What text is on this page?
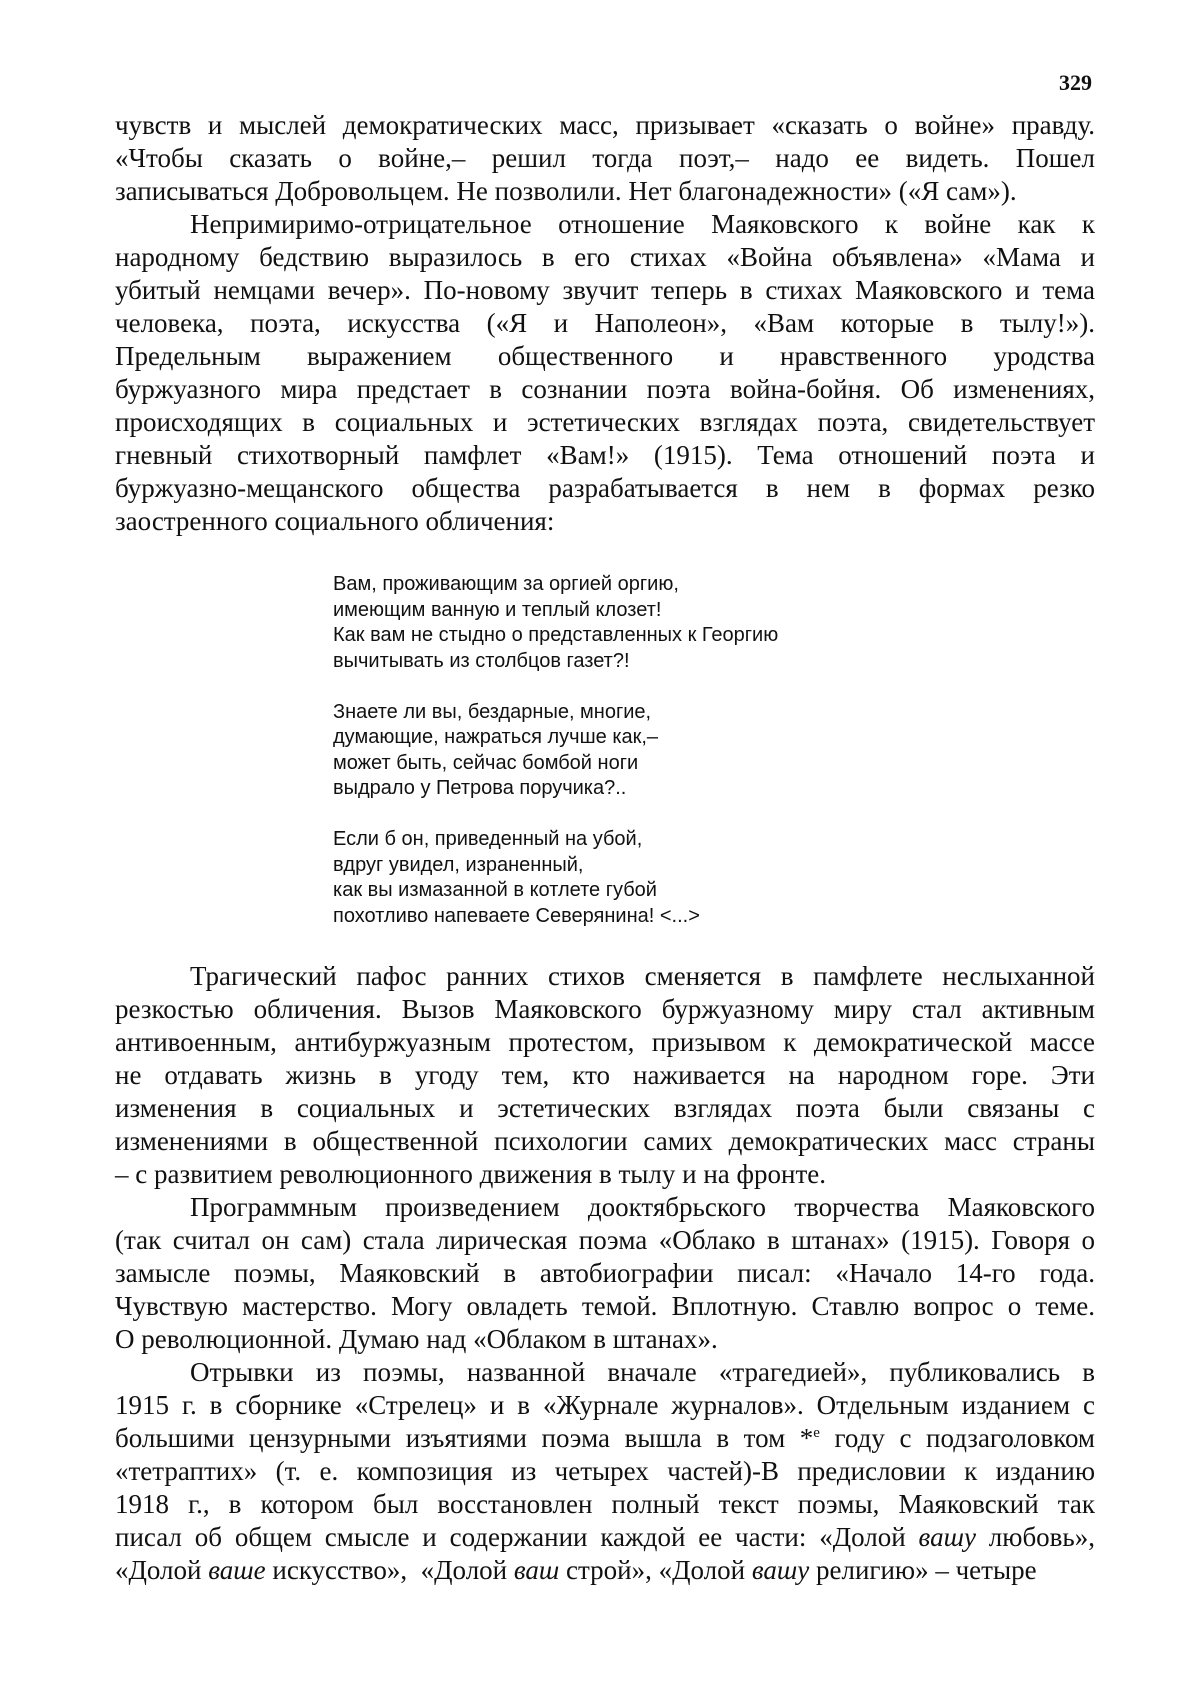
329

чувств и мыслей демократических масс, призывает «сказать о войне» правду.
«Чтобы сказать о войне,– решил тогда поэт,– надо ее видеть. Пошел
записываться Добровольцем. Не позволили. Нет благонадежности» («Я сам»).

Непримиримо-отрицательное отношение Маяковского к войне как к
народному бедствию выразилось в его стихах «Война объявлена» «Мама и
убитый немцами вечер». По-новому звучит теперь в стихах Маяковского и тема
человека, поэта, искусства («Я и Наполеон», «Вам которые в тылу!»).
Предельным выражением общественного и нравственного уродства
буржуазного мира предстает в сознании поэта война-бойня. Об изменениях,
происходящих в социальных и эстетических взглядах поэта, свидетельствует
гневный стихотворный памфлет «Вам!» (1915). Тема отношений поэта и
буржуазно-мещанского общества разрабатывается в нем в формах резко
заостренного социального обличения:

Вам, проживающим за оргией оргию,
имеющим ванную и теплый клозет!
Как вам не стыдно о представленных к Георгию
вычитывать из столбцов газет?!
Знаете ли вы, бездарные, многие,
думающие, нажраться лучше как,–
может быть, сейчас бомбой ноги
выдрало у Петрова поручика?..
Если б он, приведенный на убой,
вдруг увидел, израненный,
как вы измазанной в котлете губой
похотливо напеваете Северянина! <...>

Трагический пафос ранних стихов сменяется в памфлете неслыханной
резкостью обличения. Вызов Маяковского буржуазному миру стал активным
антивоенным, антибуржуазным протестом, призывом к демократической массе
не отдавать жизнь в угоду тем, кто наживается на народном горе. Эти
изменения в социальных и эстетических взглядах поэта были связаны с
изменениями в общественной психологии самих демократических масс страны
– с развитием революционного движения в тылу и на фронте.

Программным произведением дооктябрьского творчества Маяковского
(так считал он сам) стала лирическая поэма «Облако в штанах» (1915). Говоря о
замысле поэмы, Маяковский в автобиографии писал: «Начало 14-го года.
Чувствую мастерство. Могу овладеть темой. Вплотную. Ставлю вопрос о теме.
О революционной. Думаю над «Облаком в штанах».

Отрывки из поэмы, названной вначале «трагедией», публиковались в
1915 г. в сборнике «Стрелец» и в «Журнале журналов». Отдельным изданием с
большими цензурными изъятиями поэма вышла в том *$^е$ году с подзаголовком
«тетраптих» (т. е. композиция из четырех частей)-В предисловии к изданию
1918 г., в котором был восстановлен полный текст поэмы, Маяковский так
писал об общем смысле и содержании каждой ее части: «Долой вашу любовь»,
«Долой ваше искусство»,  «Долой ваш строй», «Долой вашу религию» – четыре
